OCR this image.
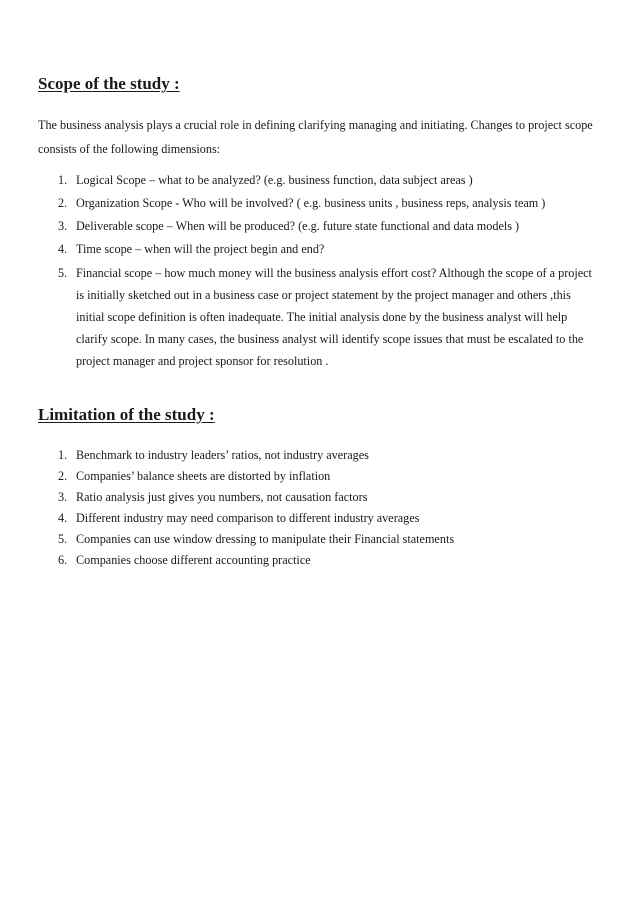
Scope of the study :

The business analysis plays a crucial role in defining clarifying managing and initiating. Changes to project scope consists of the following dimensions:

1. Logical Scope – what to be analyzed? (e.g. business function, data subject areas )
2. Organization Scope - Who will be involved? ( e.g. business units , business reps, analysis team )
3. Deliverable scope – When will be produced? (e.g. future state functional and data models )
4. Time scope – when will the project begin and end?
5. Financial scope – how much money will the business analysis effort cost? Although the scope of a project is initially sketched out in a business case or project statement by the project manager and others ,this initial scope definition is often inadequate. The initial analysis done by the business analyst will help clarify scope. In many cases, the business analyst will identify scope issues that must be escalated to the project manager and project sponsor for resolution .
Limitation of the study :
1. Benchmark to industry leaders’ ratios, not industry averages
2. Companies’ balance sheets are distorted by inflation
3. Ratio analysis just gives you numbers, not causation factors
4. Different industry may need comparison to different industry averages
5. Companies can use window dressing to manipulate their Financial statements
6. Companies choose different accounting practice
